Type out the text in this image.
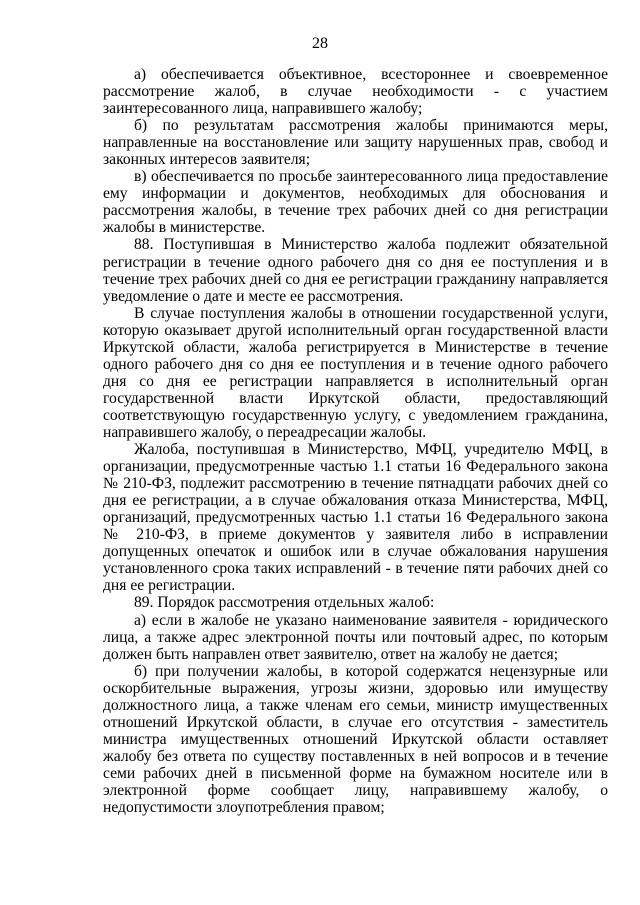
28

а) обеспечивается объективное, всестороннее и своевременное рассмотрение жалоб, в случае необходимости - с участием заинтересованного лица, направившего жалобу;

б) по результатам рассмотрения жалобы принимаются меры, направленные на восстановление или защиту нарушенных прав, свобод и законных интересов заявителя;

в) обеспечивается по просьбе заинтересованного лица предоставление ему информации и документов, необходимых для обоснования и рассмотрения жалобы, в течение трех рабочих дней со дня регистрации жалобы в министерстве.

88. Поступившая в Министерство жалоба подлежит обязательной регистрации в течение одного рабочего дня со дня ее поступления и в течение трех рабочих дней со дня ее регистрации гражданину направляется уведомление о дате и месте ее рассмотрения.

В случае поступления жалобы в отношении государственной услуги, которую оказывает другой исполнительный орган государственной власти Иркутской области, жалоба регистрируется в Министерстве в течение одного рабочего дня со дня ее поступления и в течение одного рабочего дня со дня ее регистрации направляется в исполнительный орган государственной власти Иркутской области, предоставляющий соответствующую государственную услугу, с уведомлением гражданина, направившего жалобу, о переадресации жалобы.

Жалоба, поступившая в Министерство, МФЦ, учредителю МФЦ, в организации, предусмотренные частью 1.1 статьи 16 Федерального закона № 210-ФЗ, подлежит рассмотрению в течение пятнадцати рабочих дней со дня ее регистрации, а в случае обжалования отказа Министерства, МФЦ, организаций, предусмотренных частью 1.1 статьи 16 Федерального закона № 210-ФЗ, в приеме документов у заявителя либо в исправлении допущенных опечаток и ошибок или в случае обжалования нарушения установленного срока таких исправлений - в течение пяти рабочих дней со дня ее регистрации.

89. Порядок рассмотрения отдельных жалоб:

а) если в жалобе не указано наименование заявителя - юридического лица, а также адрес электронной почты или почтовый адрес, по которым должен быть направлен ответ заявителю, ответ на жалобу не дается;

б) при получении жалобы, в которой содержатся нецензурные или оскорбительные выражения, угрозы жизни, здоровью или имуществу должностного лица, а также членам его семьи, министр имущественных отношений Иркутской области, в случае его отсутствия - заместитель министра имущественных отношений Иркутской области оставляет жалобу без ответа по существу поставленных в ней вопросов и в течение семи рабочих дней в письменной форме на бумажном носителе или в электронной форме сообщает лицу, направившему жалобу, о недопустимости злоупотребления правом;
